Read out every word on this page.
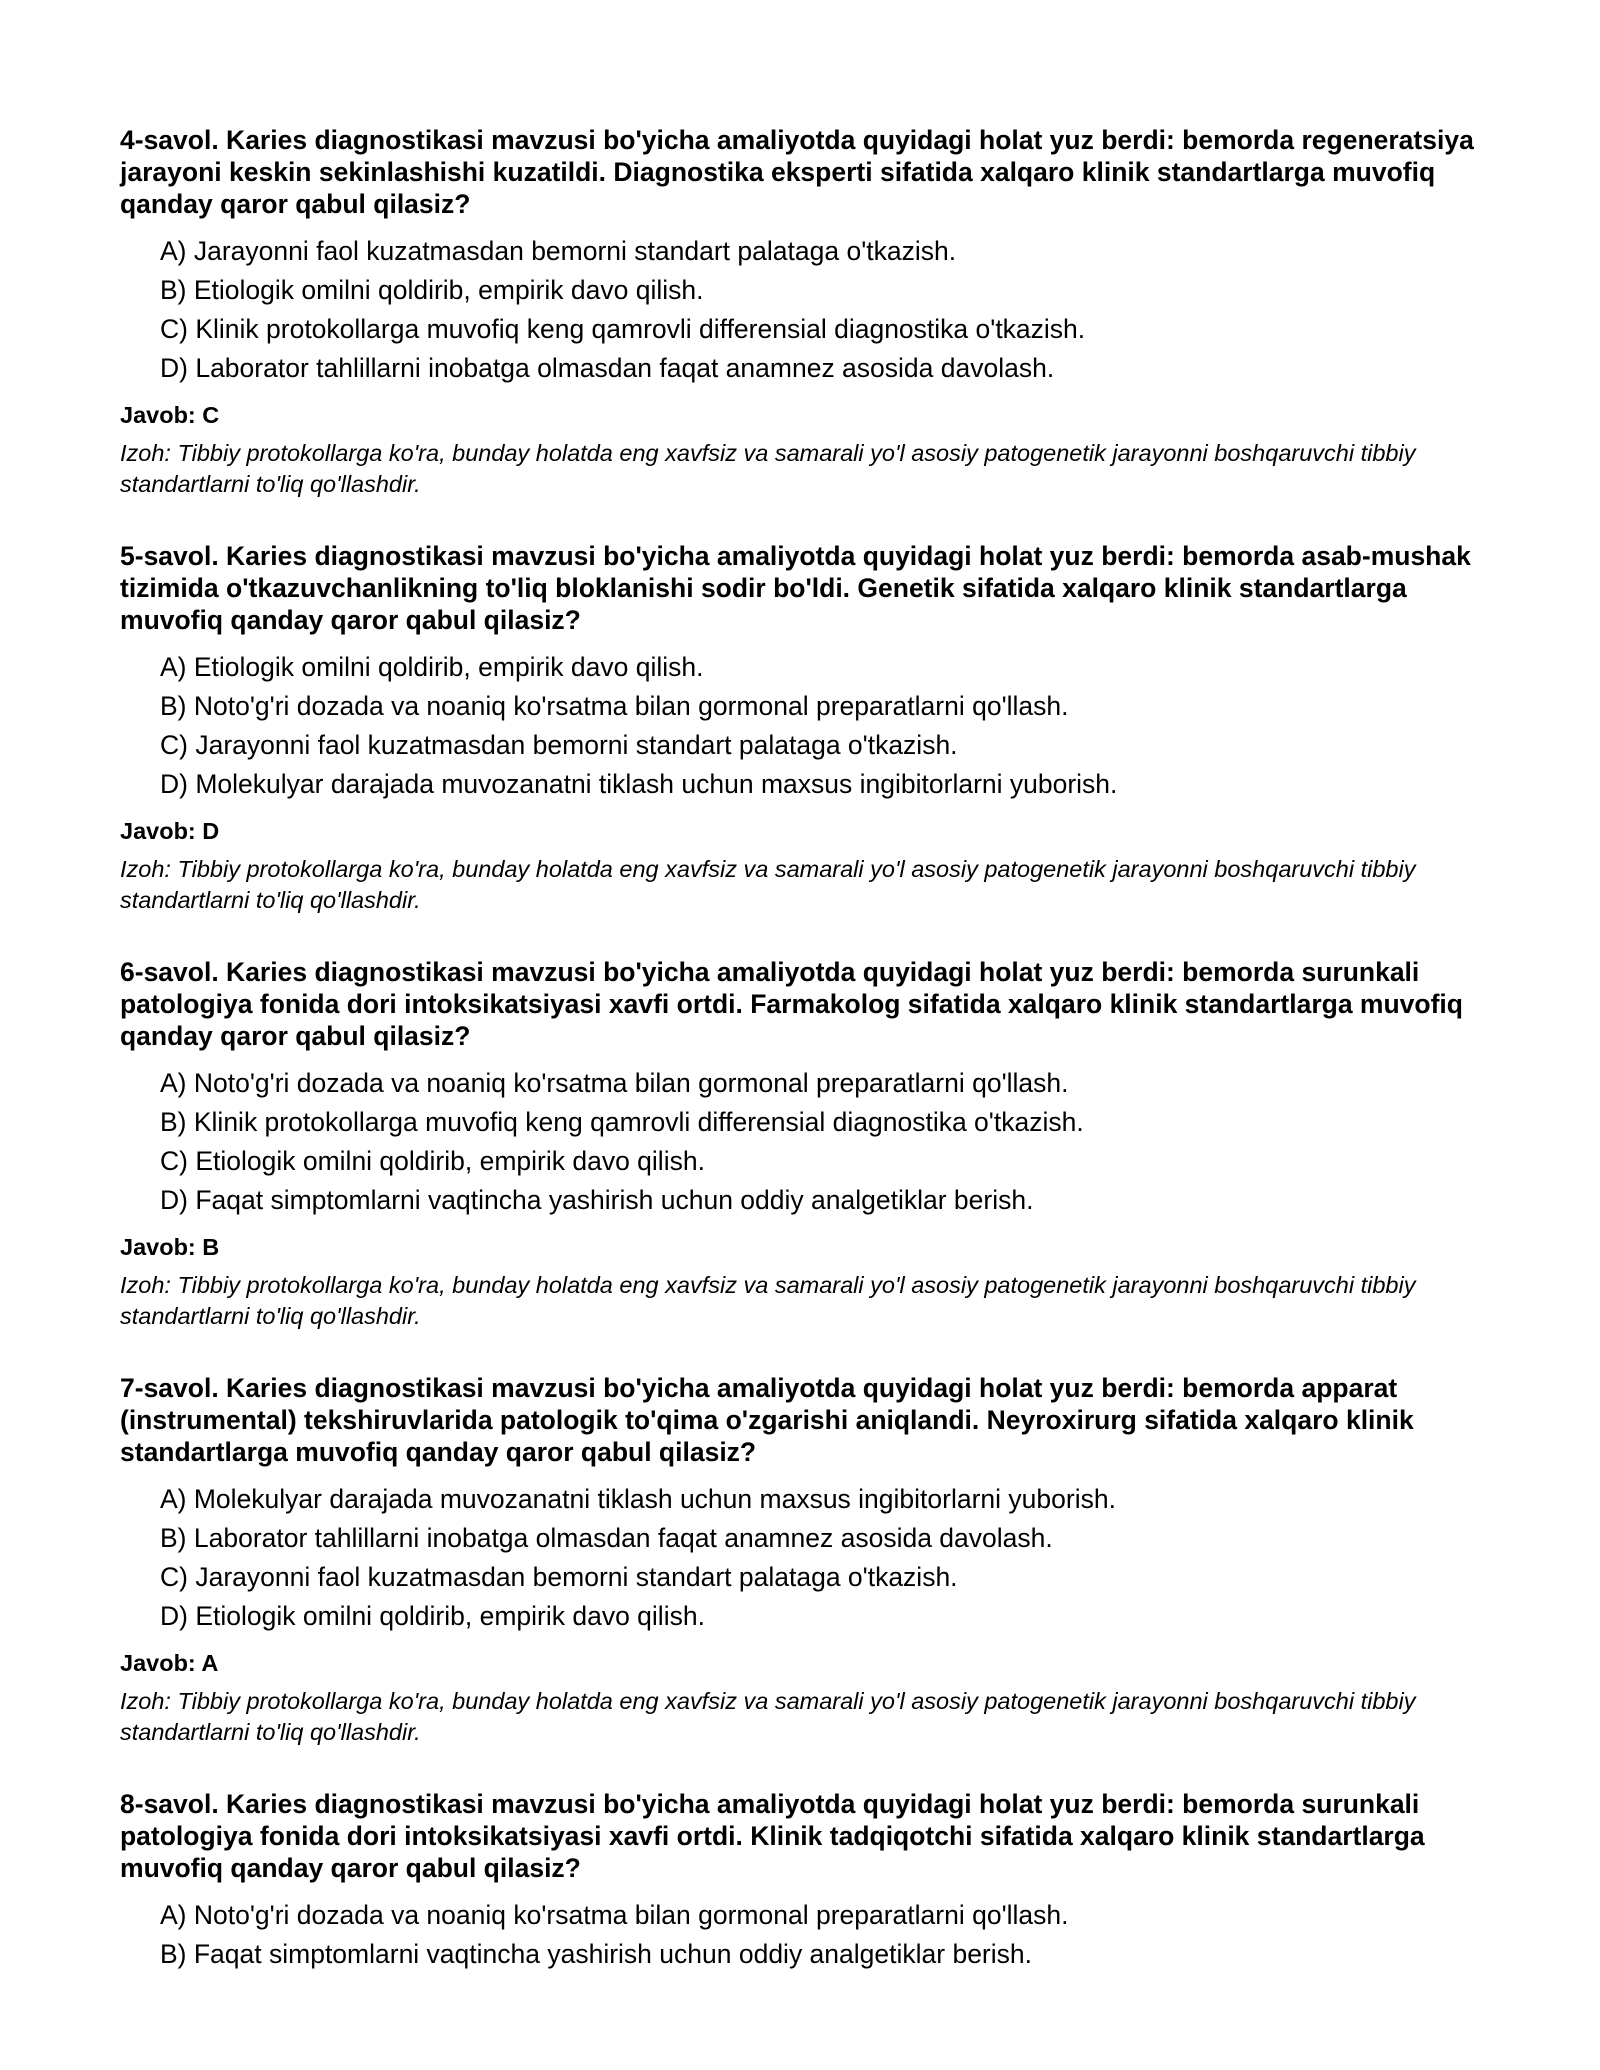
4-savol. Karies diagnostikasi mavzusi bo'yicha amaliyotda quyidagi holat yuz berdi: bemorda regeneratsiya jarayoni keskin sekinlashishi kuzatildi. Diagnostika eksperti sifatida xalqaro klinik standartlarga muvofiq qanday qaror qabul qilasiz?

A) Jarayonni faol kuzatmasdan bemorni standart palataga o'tkazish.
B) Etiologik omilni qoldirib, empirik davo qilish.
C) Klinik protokollarga muvofiq keng qamrovli differensial diagnostika o'tkazish.
D) Laborator tahlillarni inobatga olmasdan faqat anamnez asosida davolash.

Javob: C

Izoh: Tibbiy protokollarga ko'ra, bunday holatda eng xavfsiz va samarali yo'l asosiy patogenetik jarayonni boshqaruvchi tibbiy standartlarni to'liq qo'llashdir.

5-savol. Karies diagnostikasi mavzusi bo'yicha amaliyotda quyidagi holat yuz berdi: bemorda asab-mushak tizimida o'tkazuvchanlikning to'liq bloklanishi sodir bo'ldi. Genetik sifatida xalqaro klinik standartlarga muvofiq qanday qaror qabul qilasiz?

A) Etiologik omilni qoldirib, empirik davo qilish.
B) Noto'g'ri dozada va noaniq ko'rsatma bilan gormonal preparatlarni qo'llash.
C) Jarayonni faol kuzatmasdan bemorni standart palataga o'tkazish.
D) Molekulyar darajada muvozanatni tiklash uchun maxsus ingibitorlarni yuborish.

Javob: D

Izoh: Tibbiy protokollarga ko'ra, bunday holatda eng xavfsiz va samarali yo'l asosiy patogenetik jarayonni boshqaruvchi tibbiy standartlarni to'liq qo'llashdir.

6-savol. Karies diagnostikasi mavzusi bo'yicha amaliyotda quyidagi holat yuz berdi: bemorda surunkali patologiya fonida dori intoksikatsiyasi xavfi ortdi. Farmakolog sifatida xalqaro klinik standartlarga muvofiq qanday qaror qabul qilasiz?

A) Noto'g'ri dozada va noaniq ko'rsatma bilan gormonal preparatlarni qo'llash.
B) Klinik protokollarga muvofiq keng qamrovli differensial diagnostika o'tkazish.
C) Etiologik omilni qoldirib, empirik davo qilish.
D) Faqat simptomlarni vaqtincha yashirish uchun oddiy analgetiklar berish.

Javob: B

Izoh: Tibbiy protokollarga ko'ra, bunday holatda eng xavfsiz va samarali yo'l asosiy patogenetik jarayonni boshqaruvchi tibbiy standartlarni to'liq qo'llashdir.

7-savol. Karies diagnostikasi mavzusi bo'yicha amaliyotda quyidagi holat yuz berdi: bemorda apparat (instrumental) tekshiruvlarida patologik to'qima o'zgarishi aniqlandi. Neyroxirurg sifatida xalqaro klinik standartlarga muvofiq qanday qaror qabul qilasiz?

A) Molekulyar darajada muvozanatni tiklash uchun maxsus ingibitorlarni yuborish.
B) Laborator tahlillarni inobatga olmasdan faqat anamnez asosida davolash.
C) Jarayonni faol kuzatmasdan bemorni standart palataga o'tkazish.
D) Etiologik omilni qoldirib, empirik davo qilish.

Javob: A

Izoh: Tibbiy protokollarga ko'ra, bunday holatda eng xavfsiz va samarali yo'l asosiy patogenetik jarayonni boshqaruvchi tibbiy standartlarni to'liq qo'llashdir.

8-savol. Karies diagnostikasi mavzusi bo'yicha amaliyotda quyidagi holat yuz berdi: bemorda surunkali patologiya fonida dori intoksikatsiyasi xavfi ortdi. Klinik tadqiqotchi sifatida xalqaro klinik standartlarga muvofiq qanday qaror qabul qilasiz?

A) Noto'g'ri dozada va noaniq ko'rsatma bilan gormonal preparatlarni qo'llash.
B) Faqat simptomlarni vaqtincha yashirish uchun oddiy analgetiklar berish.
